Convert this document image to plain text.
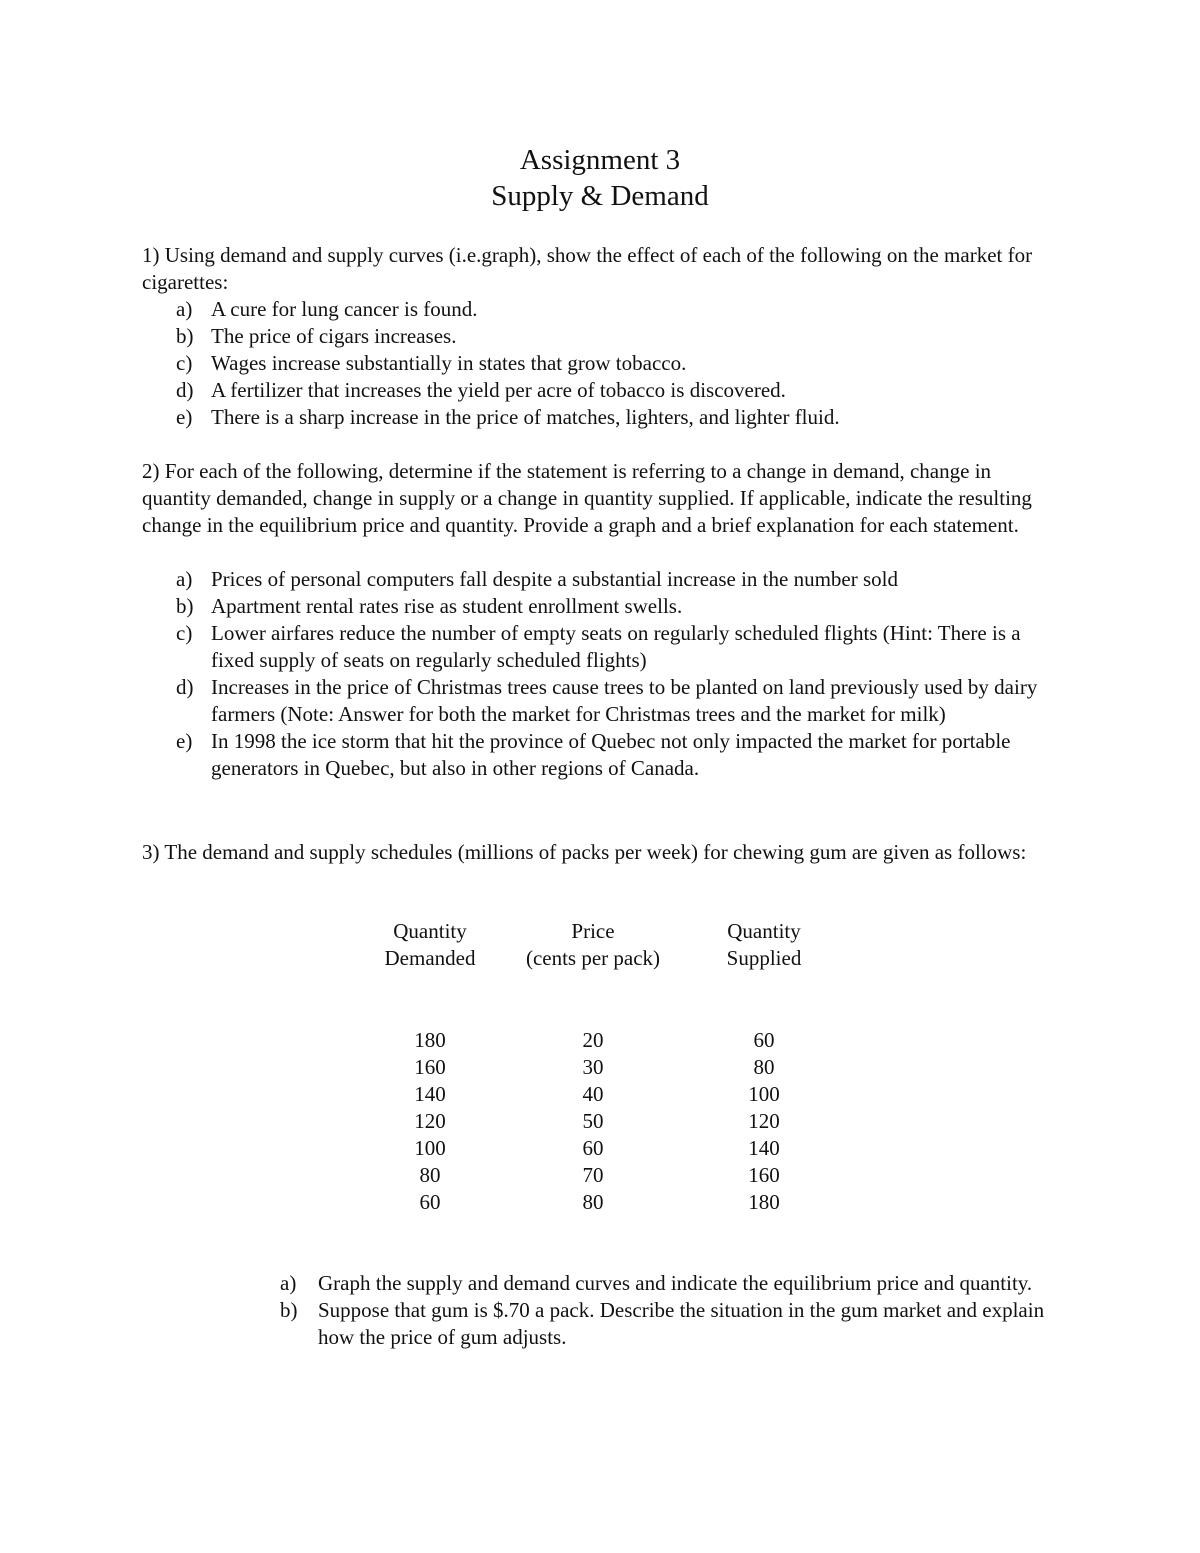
Assignment 3
Supply & Demand

1) Using demand and supply curves (i.e.graph), show the effect of each of the following on the market for cigarettes:

a) A cure for lung cancer is found.
b) The price of cigars increases.
c) Wages increase substantially in states that grow tobacco.
d) A fertilizer that increases the yield per acre of tobacco is discovered.
e) There is a sharp increase in the price of matches, lighters, and lighter fluid.

2) For each of the following, determine if the statement is referring to a change in demand, change in quantity demanded, change in supply or a change in quantity supplied. If applicable, indicate the resulting change in the equilibrium price and quantity. Provide a graph and a brief explanation for each statement.

a) Prices of personal computers fall despite a substantial increase in the number sold
b) Apartment rental rates rise as student enrollment swells.
c) Lower airfares reduce the number of empty seats on regularly scheduled flights (Hint: There is a fixed supply of seats on regularly scheduled flights)
d) Increases in the price of Christmas trees cause trees to be planted on land previously used by dairy farmers (Note: Answer for both the market for Christmas trees and the market for milk)
e) In 1998 the ice storm that hit the province of Quebec not only impacted the market for portable generators in Quebec, but also in other regions of Canada.

3) The demand and supply schedules (millions of packs per week) for chewing gum are given as follows:

Quantity
Demanded
Price
(cents per pack)
Quantity
Supplied
180
160
140
120
100
80
60
20
30
40
50
60
70
80
60
80
100
120
140
160
180
a) Graph the supply and demand curves and indicate the equilibrium price and quantity.
b) Suppose that gum is $.70 a pack. Describe the situation in the gum market and explain how the price of gum adjusts.
